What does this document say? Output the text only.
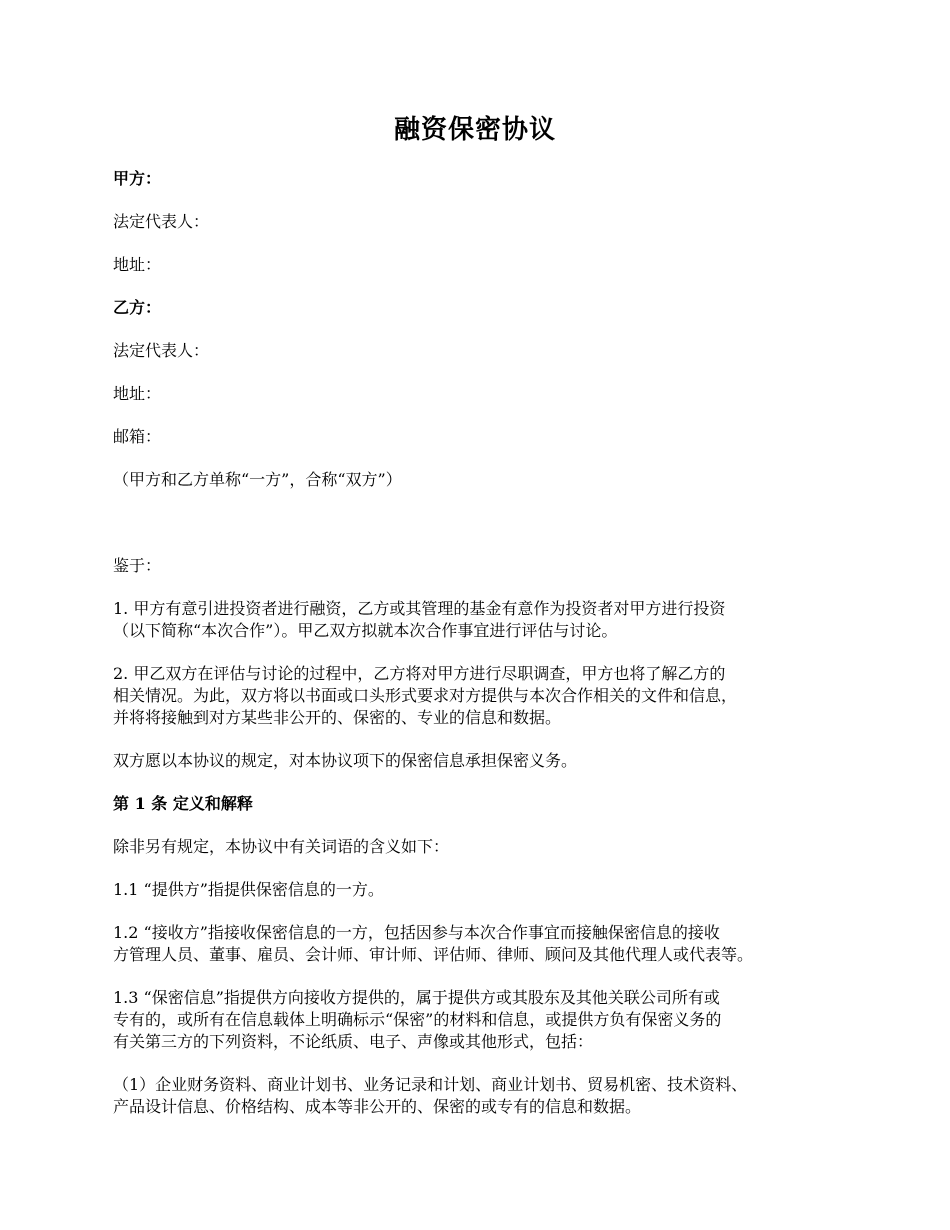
融资保密协议
甲方：
法定代表人：
地址：
乙方：
法定代表人：
地址：
邮箱：
（甲方和乙方单称“一方”，合称“双方”）
鉴于：
1. 甲方有意引进投资者进行融资，乙方或其管理的基金有意作为投资者对甲方进行投资
（以下简称“本次合作”）。甲乙双方拟就本次合作事宜进行评估与讨论。
2. 甲乙双方在评估与讨论的过程中，乙方将对甲方进行尽职调查，甲方也将了解乙方的
相关情况。为此，双方将以书面或口头形式要求对方提供与本次合作相关的文件和信息，
并将将接触到对方某些非公开的、保密的、专业的信息和数据。
双方愿以本协议的规定，对本协议项下的保密信息承担保密义务。
第 1 条 定义和解释
除非另有规定，本协议中有关词语的含义如下：
1.1 “提供方”指提供保密信息的一方。
1.2 “接收方”指接收保密信息的一方，包括因参与本次合作事宜而接触保密信息的接收
方管理人员、董事、雇员、会计师、审计师、评估师、律师、顾问及其他代理人或代表等。
1.3 “保密信息”指提供方向接收方提供的，属于提供方或其股东及其他关联公司所有或
专有的，或所有在信息载体上明确标示“保密”的材料和信息，或提供方负有保密义务的
有关第三方的下列资料，不论纸质、电子、声像或其他形式，包括：
（1）企业财务资料、商业计划书、业务记录和计划、商业计划书、贸易机密、技术资料、
产品设计信息、价格结构、成本等非公开的、保密的或专有的信息和数据。
